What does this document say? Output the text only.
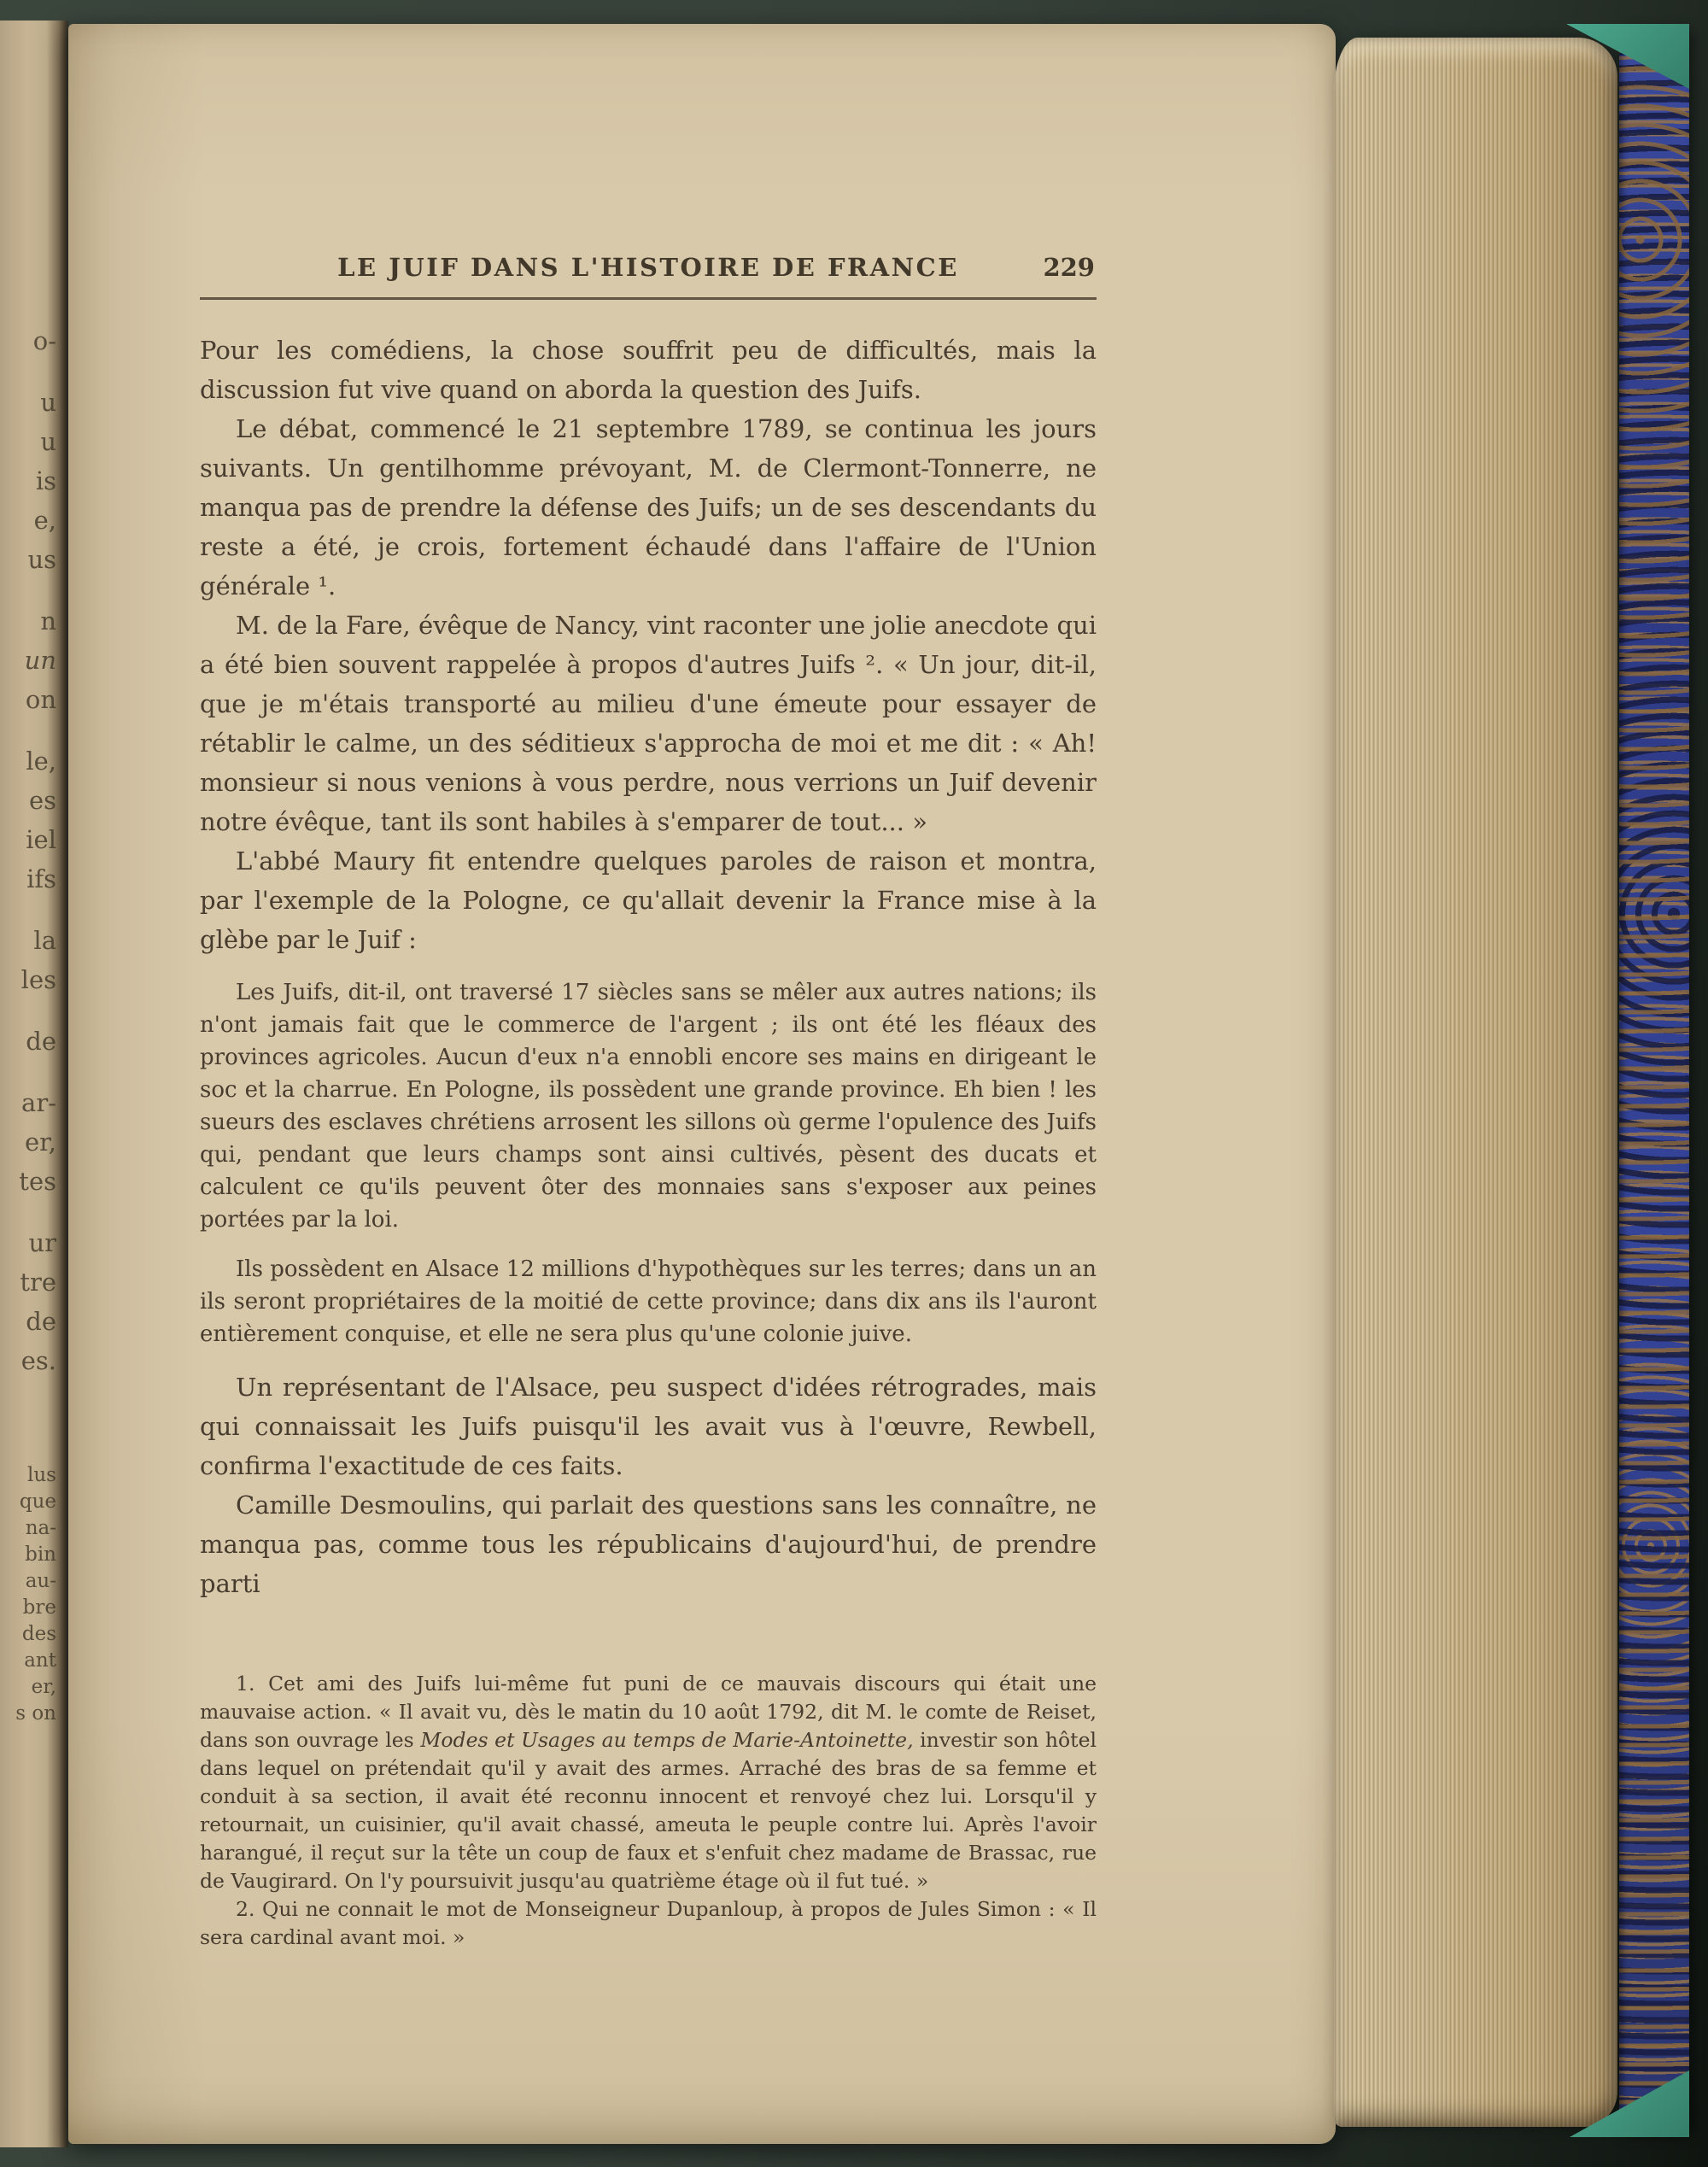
o-
u
u
is
e,
us
n
un
on
le,
es
iel
ifs
la
les
de
ar-
er,
tes
ur
tre
de
es.
lus
que
na-
bin
au-
bre
des
ant
er,
s on
LE JUIF DANS L'HISTOIRE DE FRANCE	229

Pour les comédiens, la chose souffrit peu de difficultés, mais la discussion fut vive quand on aborda la question des Juifs.

Le débat, commencé le 21 septembre 1789, se continua les jours suivants. Un gentilhomme prévoyant, M. de Clermont-Tonnerre, ne manqua pas de prendre la défense des Juifs; un de ses descendants du reste a été, je crois, fortement échaudé dans l'affaire de l'Union générale ¹.

M. de la Fare, évêque de Nancy, vint raconter une jolie anecdote qui a été bien souvent rappelée à propos d'autres Juifs ². « Un jour, dit-il, que je m'étais transporté au milieu d'une émeute pour essayer de rétablir le calme, un des séditieux s'approcha de moi et me dit : « Ah! monsieur si nous venions à vous perdre, nous verrions un Juif devenir notre évêque, tant ils sont habiles à s'emparer de tout... »

L'abbé Maury fit entendre quelques paroles de raison et montra, par l'exemple de la Pologne, ce qu'allait devenir la France mise à la glèbe par le Juif :

Les Juifs, dit-il, ont traversé 17 siècles sans se mêler aux autres nations; ils n'ont jamais fait que le commerce de l'argent ; ils ont été les fléaux des provinces agricoles. Aucun d'eux n'a ennobli encore ses mains en dirigeant le soc et la charrue. En Pologne, ils possèdent une grande province. Eh bien ! les sueurs des esclaves chrétiens arrosent les sillons où germe l'opulence des Juifs qui, pendant que leurs champs sont ainsi cultivés, pèsent des ducats et calculent ce qu'ils peuvent ôter des monnaies sans s'exposer aux peines portées par la loi.

Ils possèdent en Alsace 12 millions d'hypothèques sur les terres; dans un an ils seront propriétaires de la moitié de cette province; dans dix ans ils l'auront entièrement conquise, et elle ne sera plus qu'une colonie juive.

Un représentant de l'Alsace, peu suspect d'idées rétrogrades, mais qui connaissait les Juifs puisqu'il les avait vus à l'œuvre, Rewbell, confirma l'exactitude de ces faits.

Camille Desmoulins, qui parlait des questions sans les connaître, ne manqua pas, comme tous les républicains d'aujourd'hui, de prendre parti

1. Cet ami des Juifs lui-même fut puni de ce mauvais discours qui était une mauvaise action. « Il avait vu, dès le matin du 10 août 1792, dit M. le comte de Reiset, dans son ouvrage les Modes et Usages au temps de Marie-Antoinette, investir son hôtel dans lequel on prétendait qu'il y avait des armes. Arraché des bras de sa femme et conduit à sa section, il avait été reconnu innocent et renvoyé chez lui. Lorsqu'il y retournait, un cuisinier, qu'il avait chassé, ameuta le peuple contre lui. Après l'avoir harangué, il reçut sur la tête un coup de faux et s'enfuit chez madame de Brassac, rue de Vaugirard. On l'y poursuivit jusqu'au quatrième étage où il fut tué. »

2. Qui ne connait le mot de Monseigneur Dupanloup, à propos de Jules Simon : « Il sera cardinal avant moi. »
